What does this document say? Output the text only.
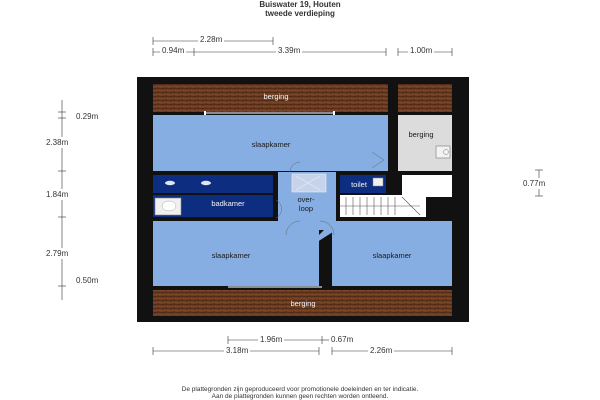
Buiswater 19, Houten
tweede verdieping
berging
berging
slaapkamer
toilet
badkamer	over-
loop
slaapkamer	slaapkamer
berging
2.28m
0.94m	3.39m	1.00m
0.29m
2.38m
1.84m
2.79m
0.50m
0.77m
1.96m	0.67m
3.18m	2.26m
De plattegronden zijn geproduceerd voor promotionele doeleinden en ter indicatie.
Aan de plattegronden kunnen geen rechten worden ontleend.
